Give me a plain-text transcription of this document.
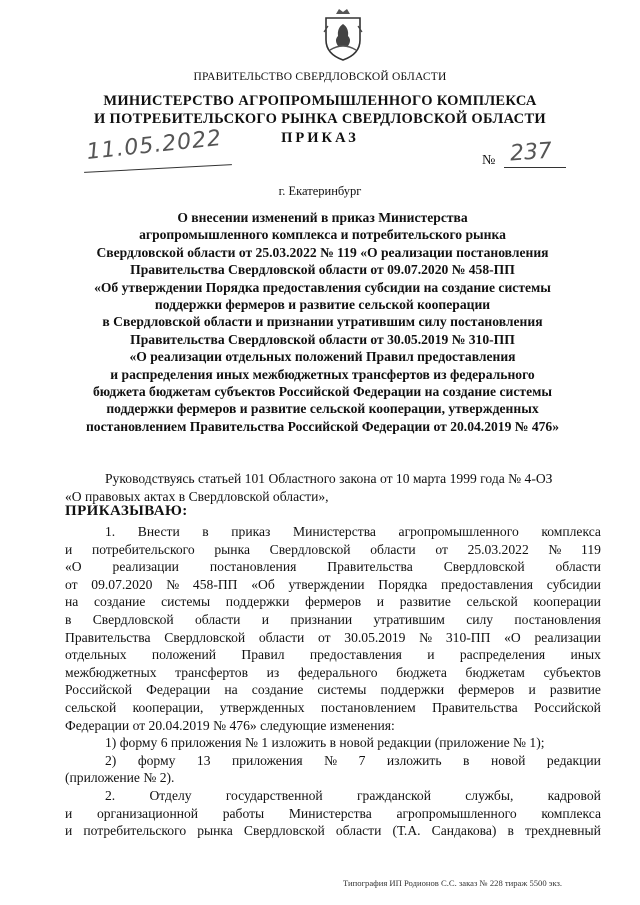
ПРАВИТЕЛЬСТВО СВЕРДЛОВСКОЙ ОБЛАСТИ
МИНИСТЕРСТВО АГРОПРОМЫШЛЕННОГО КОМПЛЕКСА
И ПОТРЕБИТЕЛЬСКОГО РЫНКА СВЕРДЛОВСКОЙ ОБЛАСТИ
ПРИКАЗ
11.05.2022	№ 237
г. Екатеринбург
О внесении изменений в приказ Министерства
агропромышленного комплекса и потребительского рынка
Свердловской области от 25.03.2022 № 119 «О реализации постановления
Правительства Свердловской области от 09.07.2020 № 458-ПП
«Об утверждении Порядка предоставления субсидии на создание системы
поддержки фермеров и развитие сельской кооперации
в Свердловской области и признании утратившим силу постановления
Правительства Свердловской области от 30.05.2019 № 310-ПП
«О реализации отдельных положений Правил предоставления
и распределения иных межбюджетных трансфертов из федерального
бюджета бюджетам субъектов Российской Федерации на создание системы
поддержки фермеров и развитие сельской кооперации, утвержденных
постановлением Правительства Российской Федерации от 20.04.2019 № 476»
Руководствуясь статьей 101 Областного закона от 10 марта 1999 года № 4-ОЗ
«О правовых актах в Свердловской области»,
ПРИКАЗЫВАЮ:
1. Внести в приказ Министерства агропромышленного комплекса
и потребительского рынка Свердловской области от 25.03.2022 № 119
«О реализации постановления Правительства Свердловской области
от 09.07.2020 № 458-ПП «Об утверждении Порядка предоставления субсидии
на создание системы поддержки фермеров и развитие сельской кооперации
в Свердловской области и признании утратившим силу постановления
Правительства Свердловской области от 30.05.2019 № 310-ПП «О реализации
отдельных положений Правил предоставления и распределения иных
межбюджетных трансфертов из федерального бюджета бюджетам субъектов
Российской Федерации на создание системы поддержки фермеров и развитие
сельской кооперации, утвержденных постановлением Правительства Российской
Федерации от 20.04.2019 № 476» следующие изменения:
1) форму 6 приложения № 1 изложить в новой редакции (приложение № 1);
2) форму 13 приложения № 7 изложить в новой редакции
(приложение № 2).
2.	Отделу	государственной	гражданской	службы,	кадровой
и организационной работы Министерства агропромышленного комплекса
и потребительского рынка Свердловской области (Т.А. Сандакова) в трехдневный
Типография ИП Родионов С.С. заказ № 228 тираж 5500 экз.
